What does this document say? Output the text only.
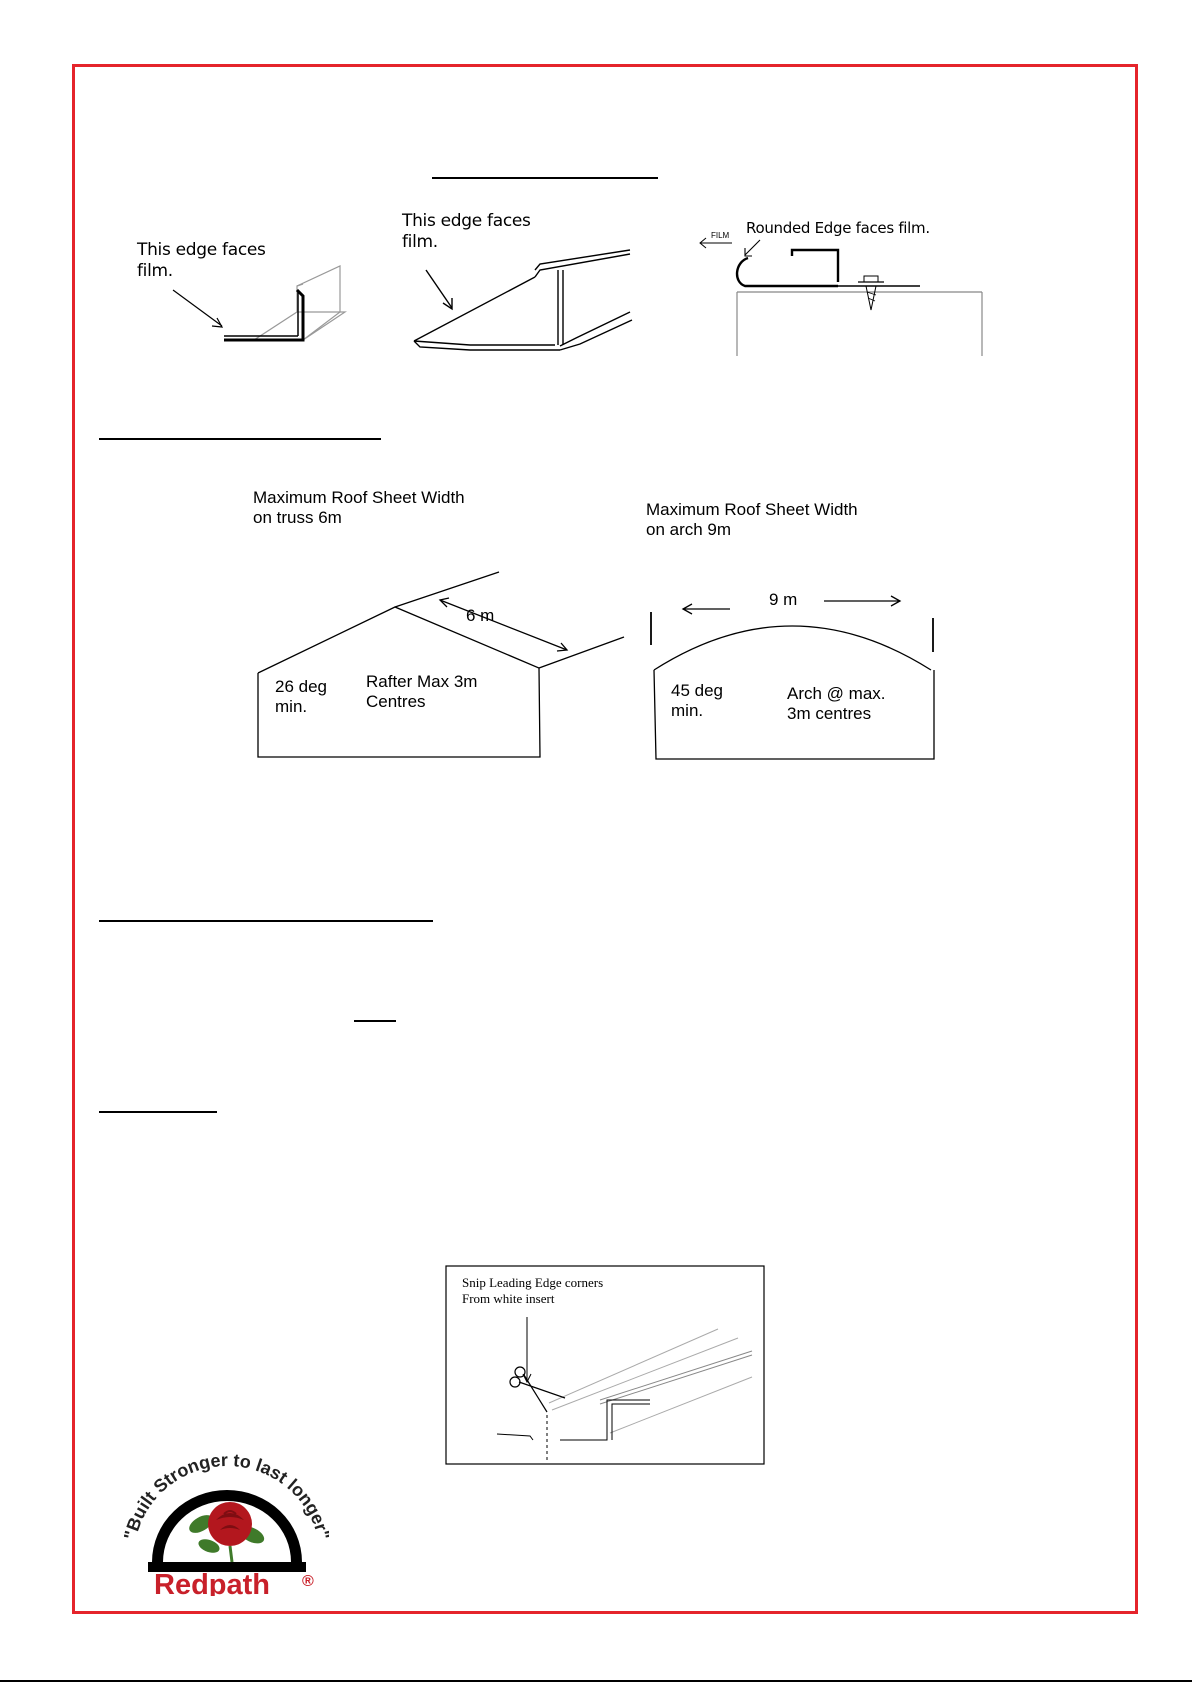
This edge faces
film.
This edge faces
film.
Rounded Edge faces film.
FILM
Maximum Roof Sheet Width
on truss 6m
6 m
26 deg
min.
Rafter Max 3m
Centres
Maximum Roof Sheet Width
on arch 9m
9 m
45 deg
min.
Arch @ max.
3m centres
Snip Leading Edge corners
From white insert
Built Stronger to last longe
Redpath ®
